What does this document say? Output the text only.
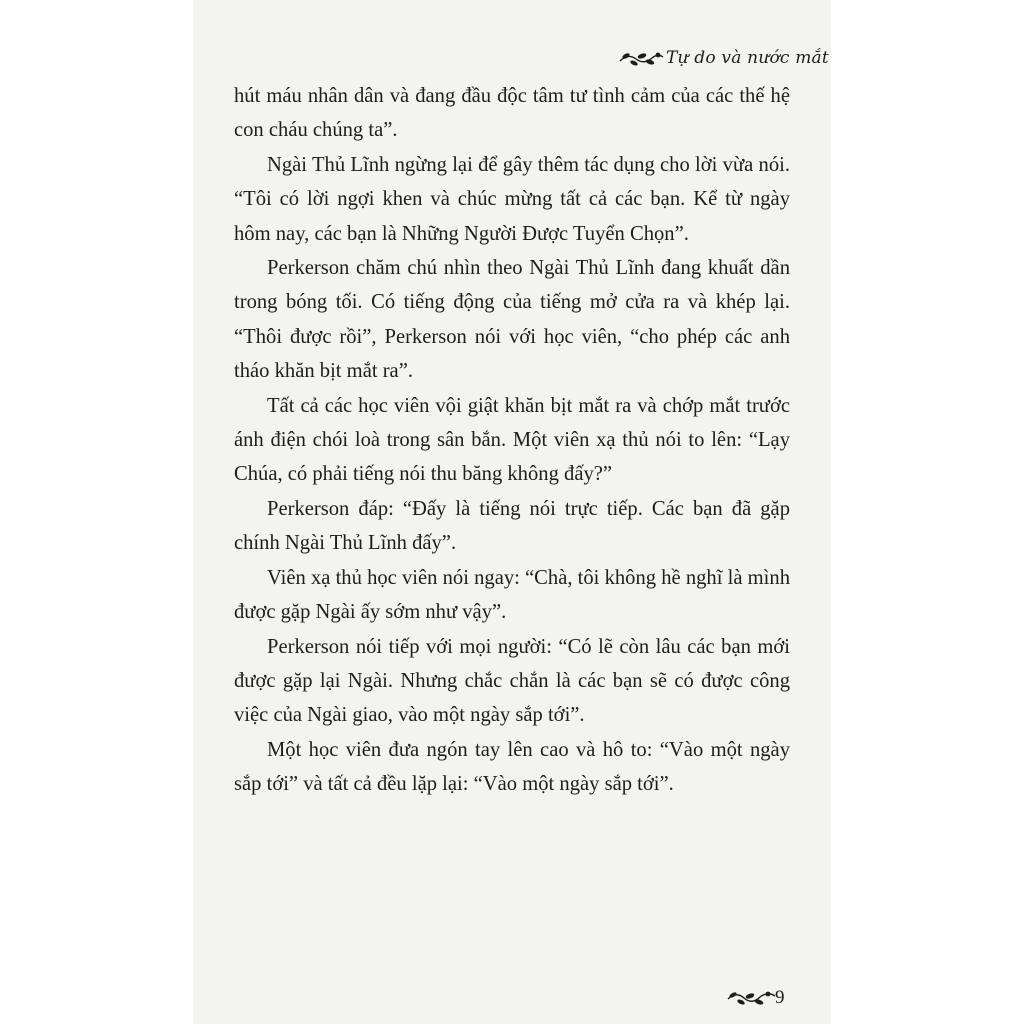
Tự do và nước mắt

hút máu nhân dân và đang đầu độc tâm tư tình cảm của các thế hệ con cháu chúng ta”.

Ngài Thủ Lĩnh ngừng lại để gây thêm tác dụng cho lời vừa nói. “Tôi có lời ngợi khen và chúc mừng tất cả các bạn. Kể từ ngày hôm nay, các bạn là Những Người Được Tuyển Chọn”.

Perkerson chăm chú nhìn theo Ngài Thủ Lĩnh đang khuất dần trong bóng tối. Có tiếng động của tiếng mở cửa ra và khép lại. “Thôi được rồi”, Perkerson nói với học viên, “cho phép các anh tháo khăn bịt mắt ra”.

Tất cả các học viên vội giật khăn bịt mắt ra và chớp mắt trước ánh điện chói loà trong sân bắn. Một viên xạ thủ nói to lên: “Lạy Chúa, có phải tiếng nói thu băng không đấy?”

Perkerson đáp: “Đấy là tiếng nói trực tiếp. Các bạn đã gặp chính Ngài Thủ Lĩnh đấy”.

Viên xạ thủ học viên nói ngay: “Chà, tôi không hề nghĩ là mình được gặp Ngài ấy sớm như vậy”.

Perkerson nói tiếp với mọi người: “Có lẽ còn lâu các bạn mới được gặp lại Ngài. Nhưng chắc chắn là các bạn sẽ có được công việc của Ngài giao, vào một ngày sắp tới”.

Một học viên đưa ngón tay lên cao và hô to: “Vào một ngày sắp tới” và tất cả đều lặp lại: “Vào một ngày sắp tới”.

9
